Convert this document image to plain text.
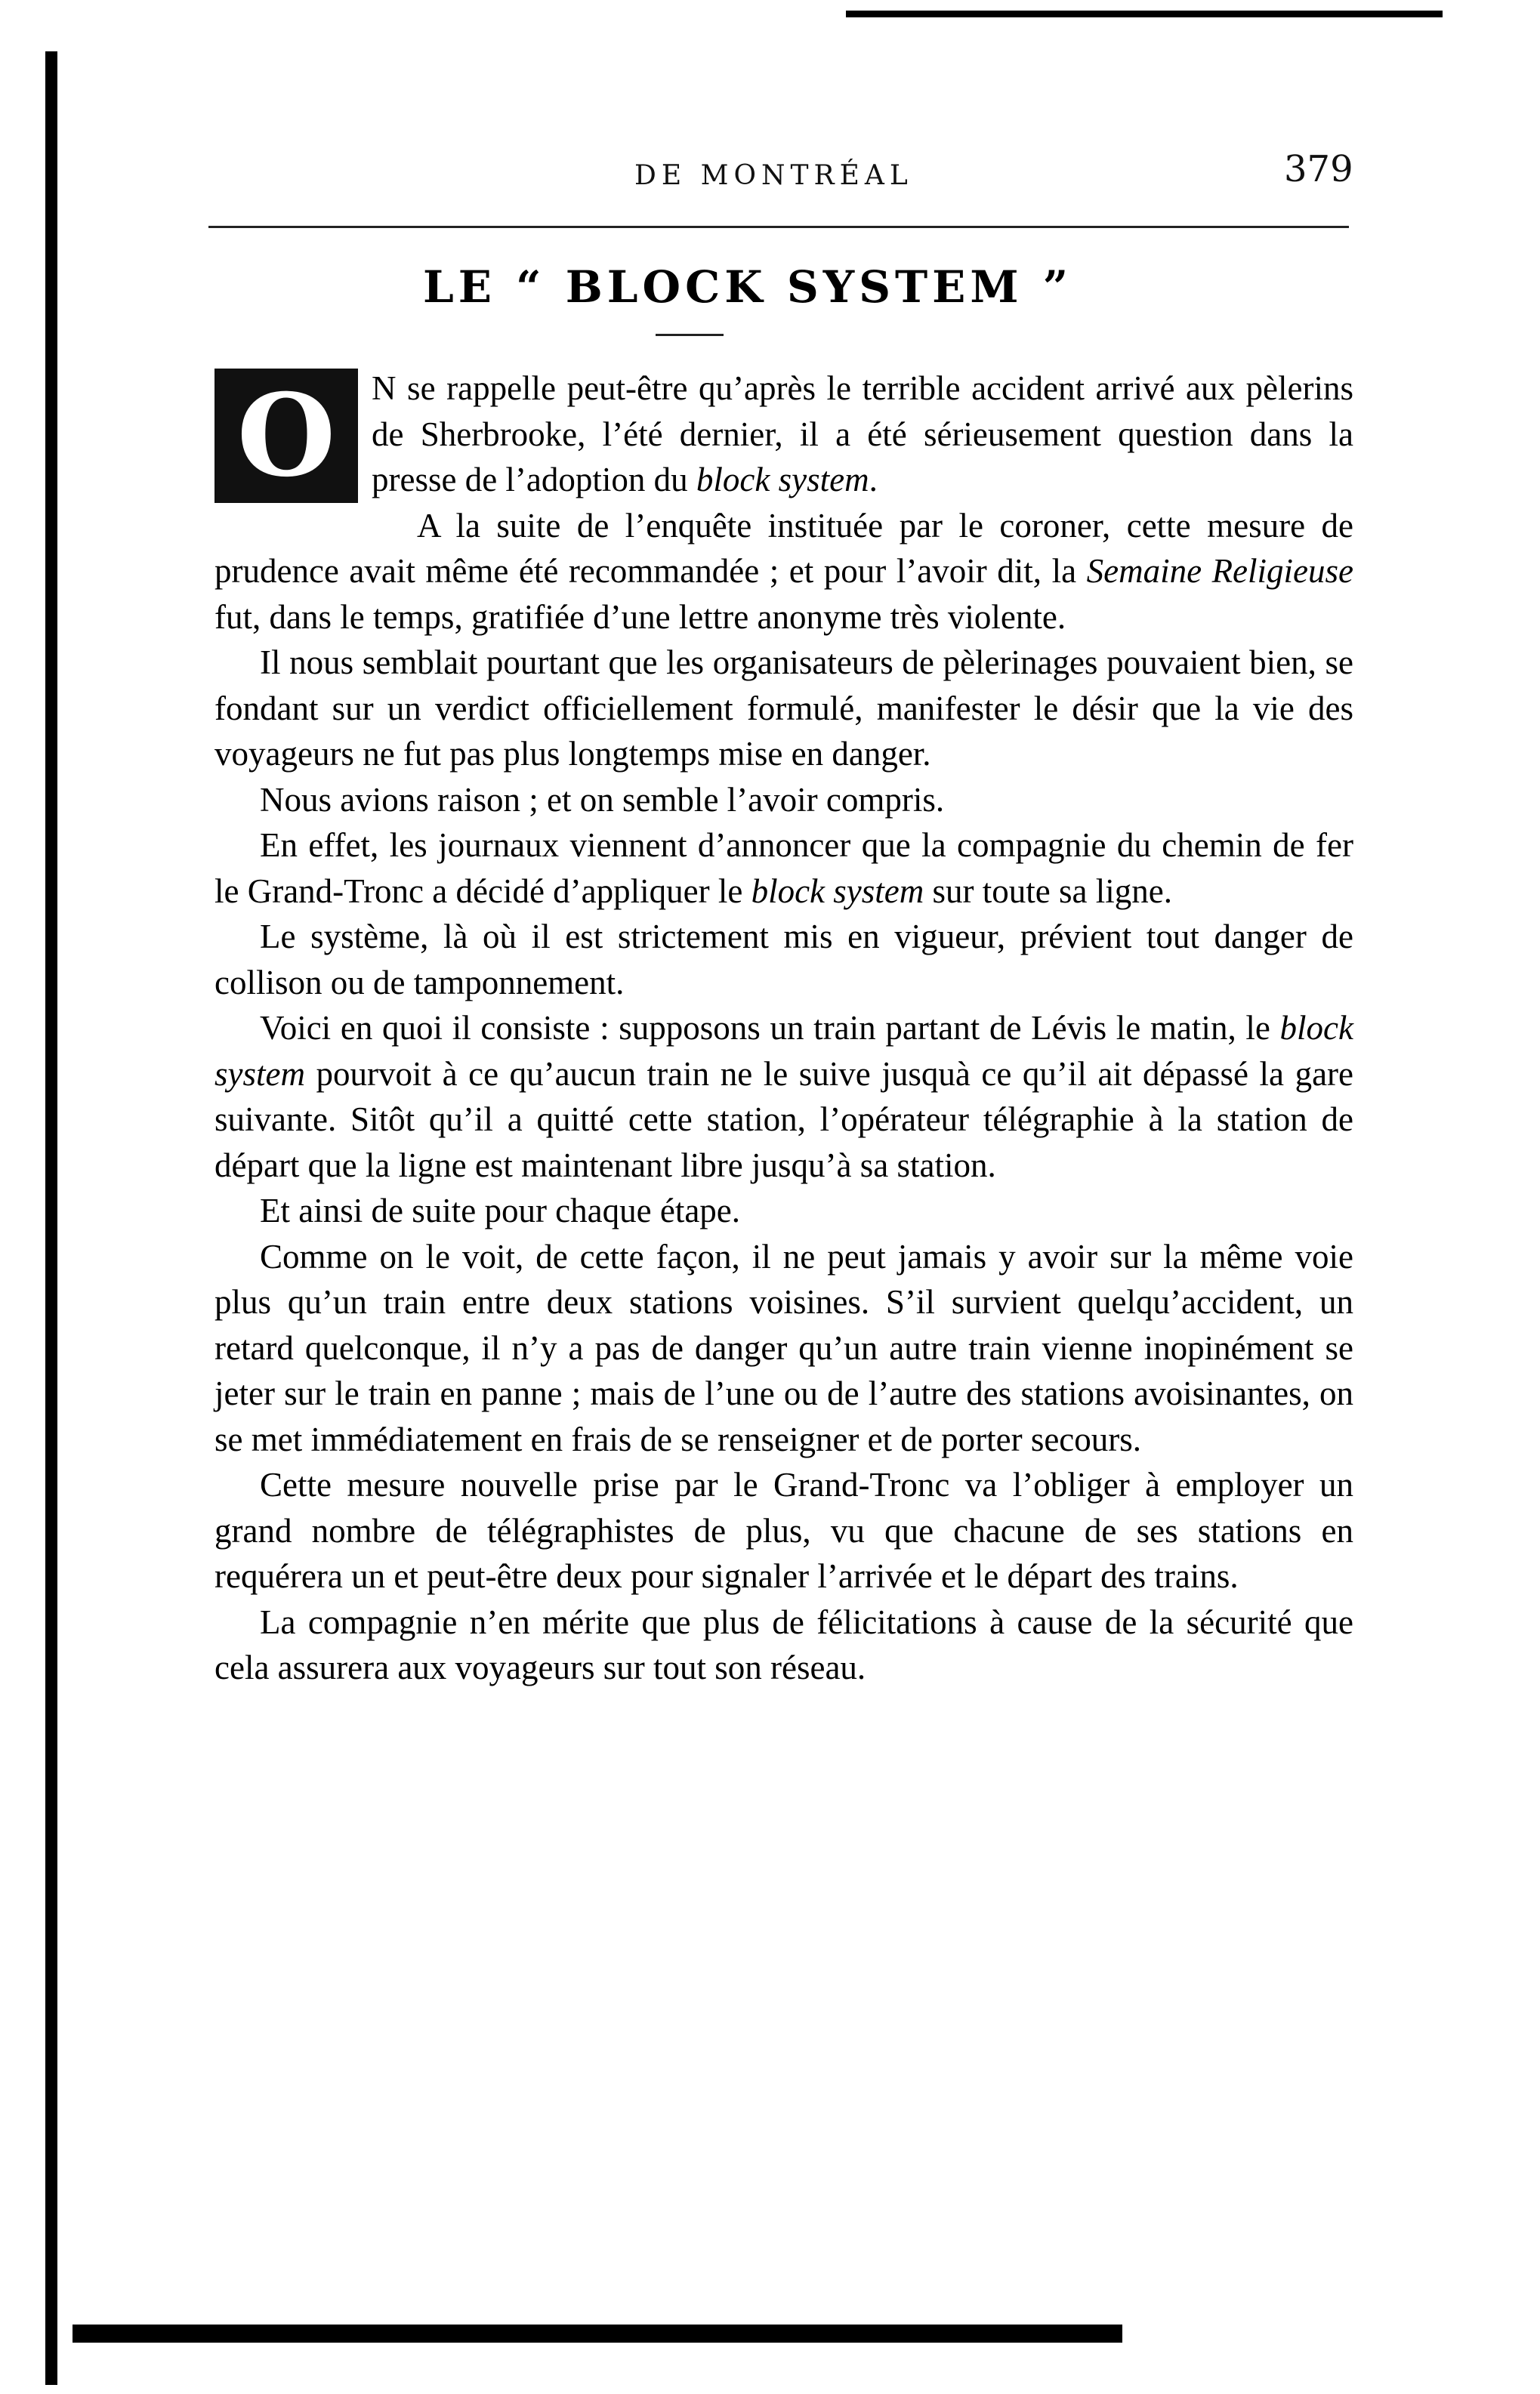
DE MONTRÉAL	379
LE “ BLOCK SYSTEM ”

O N se rappelle peut-être qu’après le terrible accident arrivé aux pèlerins de Sherbrooke, l’été dernier, il a été sérieusement question dans la presse de l’adoption du block system.

A la suite de l’enquête instituée par le coroner, cette mesure de prudence avait même été recommandée ; et pour l’avoir dit, la Semaine Religieuse fut, dans le temps, gratifiée d’une lettre anonyme très violente.

Il nous semblait pourtant que les organisateurs de pèlerinages pouvaient bien, se fondant sur un verdict officiellement formulé, manifester le désir que la vie des voyageurs ne fut pas plus longtemps mise en danger.

Nous avions raison ; et on semble l’avoir compris.

En effet, les journaux viennent d’annoncer que la compagnie du chemin de fer le Grand-Tronc a décidé d’appliquer le block system sur toute sa ligne.

Le système, là où il est strictement mis en vigueur, prévient tout danger de collison ou de tamponnement.

Voici en quoi il consiste : supposons un train partant de Lévis le matin, le block system pourvoit à ce qu’aucun train ne le suive jusquà ce qu’il ait dépassé la gare suivante. Sitôt qu’il a quitté cette station, l’opérateur télégraphie à la station de départ que la ligne est maintenant libre jusqu’à sa station.

Et ainsi de suite pour chaque étape.

Comme on le voit, de cette façon, il ne peut jamais y avoir sur la même voie plus qu’un train entre deux stations voisines. S’il survient quelqu’accident, un retard quelconque, il n’y a pas de danger qu’un autre train vienne inopinément se jeter sur le train en panne ; mais de l’une ou de l’autre des stations avoisinantes, on se met immédiatement en frais de se renseigner et de porter secours.

Cette mesure nouvelle prise par le Grand-Tronc va l’obliger à employer un grand nombre de télégraphistes de plus, vu que chacune de ses stations en requérera un et peut-être deux pour signaler l’arrivée et le départ des trains.

La compagnie n’en mérite que plus de félicitations à cause de la sécurité que cela assurera aux voyageurs sur tout son réseau.
